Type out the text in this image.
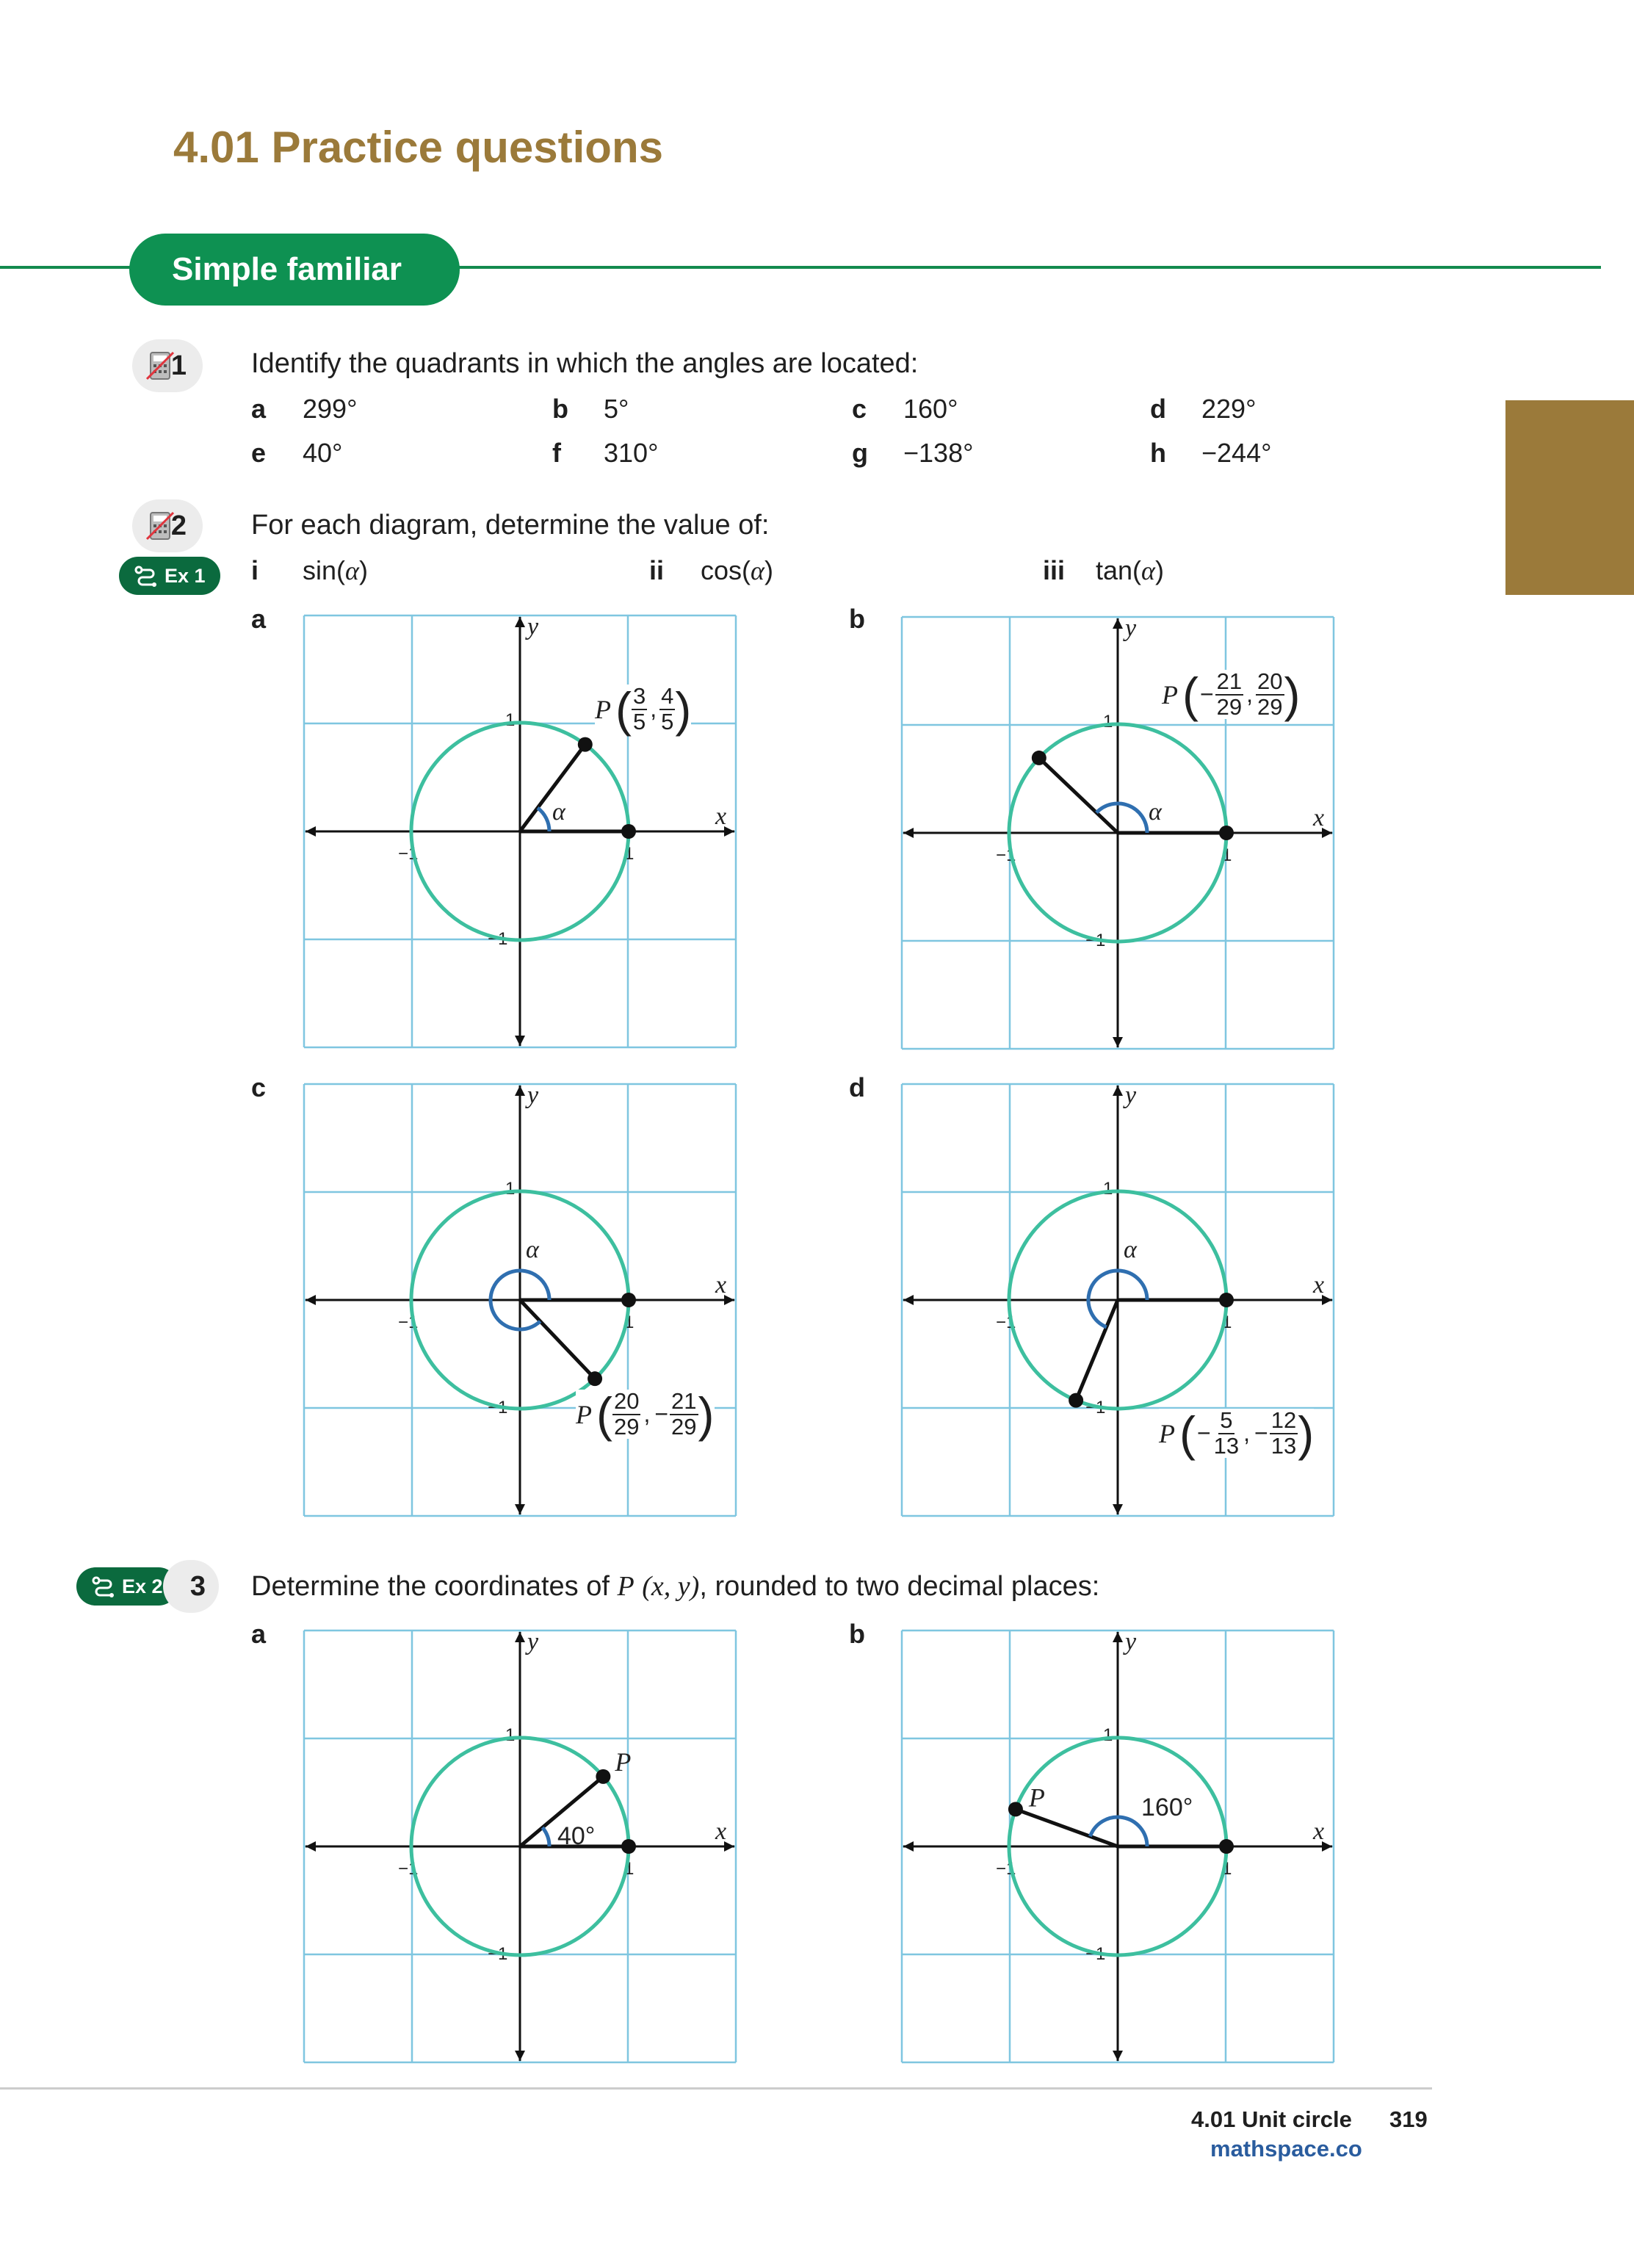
4.01 Practice questions
Simple familiar
1 Identify the quadrants in which the angles are located:
a 299°	b 5°	c 160°	d 229°
e 40°	f 310°	g −138°	h −244°
2
Ex 1
For each diagram, determine the value of:
i sin(α)	ii cos(α)	iii tan(α)
a
x
y
1
1
−1
−1
α
P ( $\frac{3}{5}$ , $\frac{4}{5}$ )
b
x
y
1
1
−1
−1
α
P ( − $\frac{21}{29}$ , $\frac{20}{29}$ )
c
x
y
1
1
−1
−1
α
P ( $\frac{20}{29}$ , − $\frac{21}{29}$ )
d
x
y
1
1
−1
−1
α
P ( − $\frac{5}{13}$ , − $\frac{12}{13}$ )
Ex 2 3 Determine the coordinates of P (x, y), rounded to two decimal places:
a
x
y
1
1
−1
−1
40°
P
b
x
y
1
1
−1
−1
160°
P
4.01 Unit circle 319
mathspace.co
